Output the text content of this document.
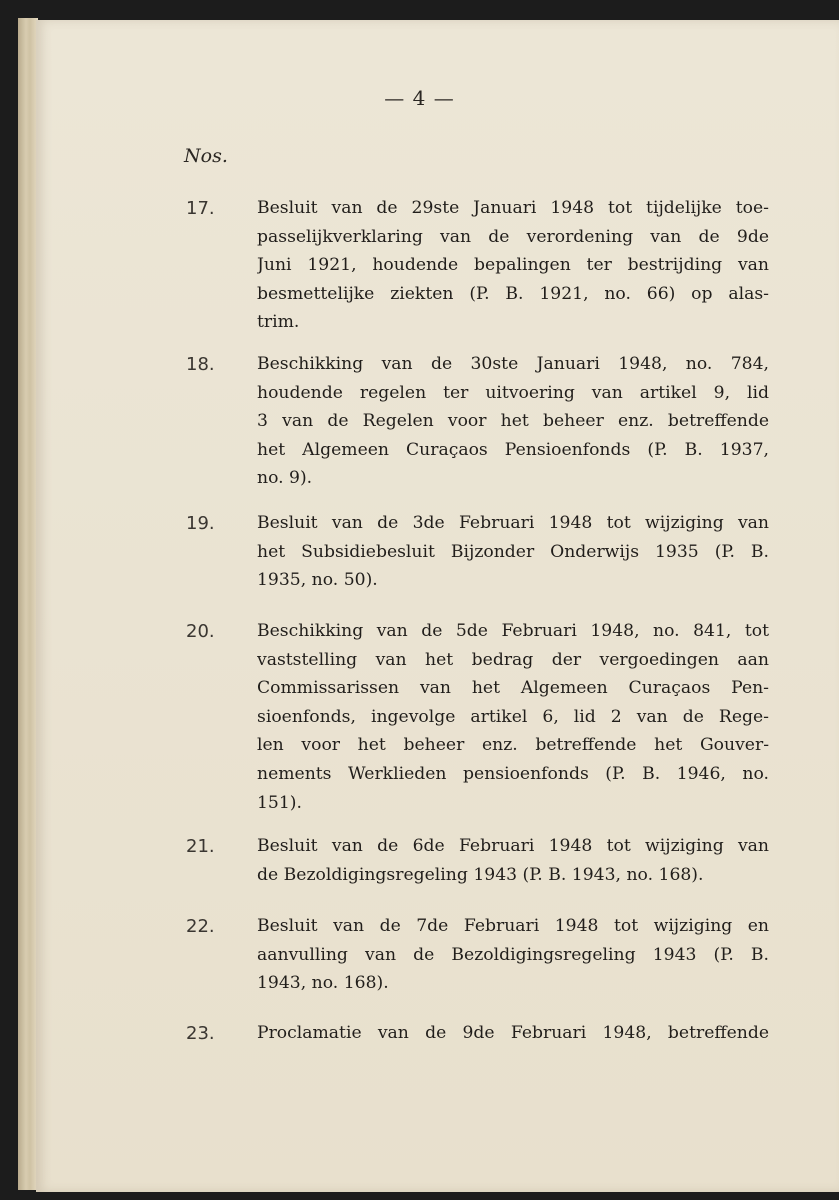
— 4 —
Nos.
17. Besluit van de 29ste Januari 1948 tot tijdelijke toe-
passelijkverklaring van de verordening van de 9de
Juni 1921, houdende bepalingen ter bestrijding van
besmettelijke ziekten (P. B. 1921, no. 66) op alas-
trim.
18. Beschikking van de 30ste Januari 1948, no. 784,
houdende regelen ter uitvoering van artikel 9, lid
3 van de Regelen voor het beheer enz. betreffende
het Algemeen Curaçaos Pensioenfonds (P. B. 1937,
no. 9).
19. Besluit van de 3de Februari 1948 tot wijziging van
het Subsidiebesluit Bijzonder Onderwijs 1935 (P. B.
1935, no. 50).
20. Beschikking van de 5de Februari 1948, no. 841, tot
vaststelling van het bedrag der vergoedingen aan
Commissarissen van het Algemeen Curaçaos Pen-
sioenfonds, ingevolge artikel 6, lid 2 van de Rege-
len voor het beheer enz. betreffende het Gouver-
nements Werklieden pensioenfonds (P. B. 1946, no.
151).
21. Besluit van de 6de Februari 1948 tot wijziging van
de Bezoldigingsregeling 1943 (P. B. 1943, no. 168).
22. Besluit van de 7de Februari 1948 tot wijziging en
aanvulling van de Bezoldigingsregeling 1943 (P. B.
1943, no. 168).
23. Proclamatie van de 9de Februari 1948, betreffende
